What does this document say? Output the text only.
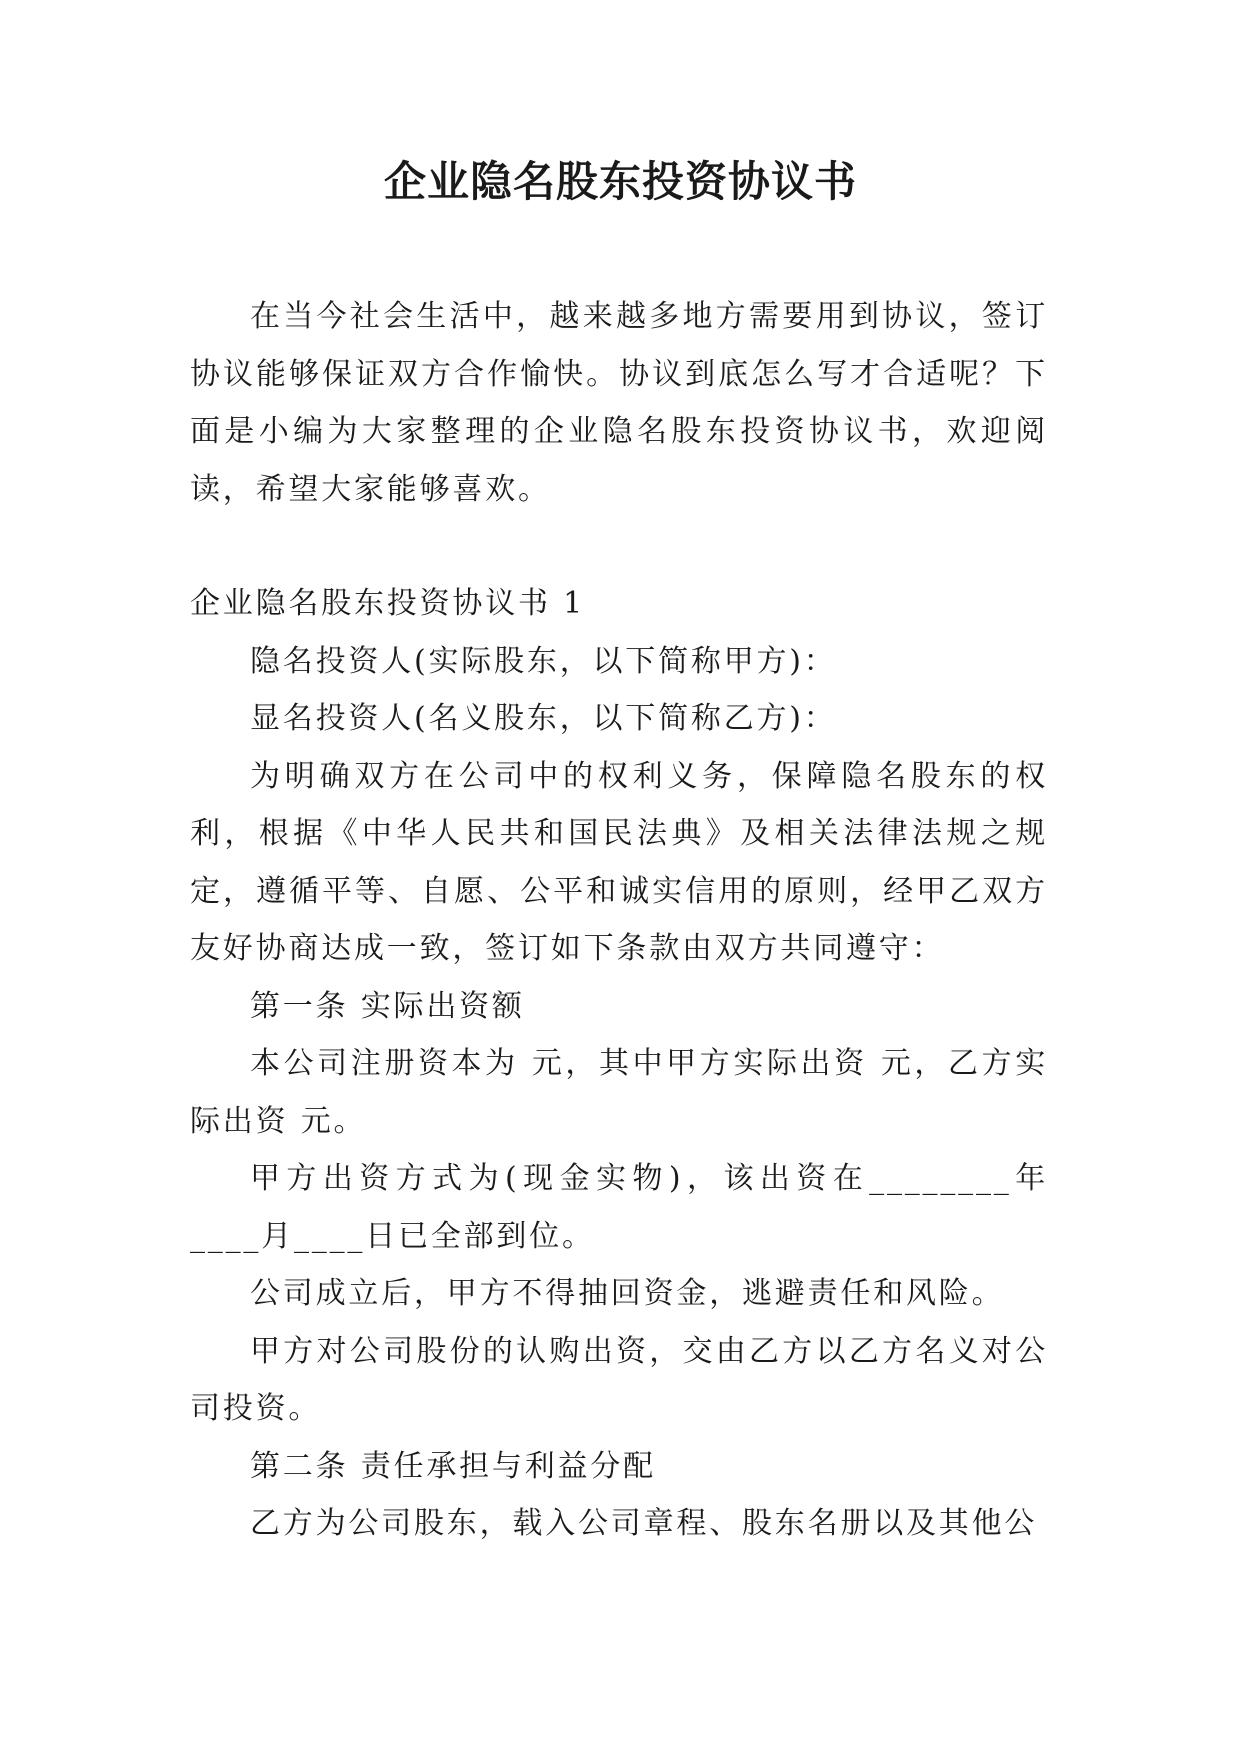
企业隐名股东投资协议书

在当今社会生活中，越来越多地方需要用到协议，签订协议能够保证双方合作愉快。协议到底怎么写才合适呢？下面是小编为大家整理的企业隐名股东投资协议书，欢迎阅读，希望大家能够喜欢。

企业隐名股东投资协议书 1

隐名投资人(实际股东，以下简称甲方)：

显名投资人(名义股东，以下简称乙方)：

为明确双方在公司中的权利义务，保障隐名股东的权利，根据《中华人民共和国民法典》及相关法律法规之规定，遵循平等、自愿、公平和诚实信用的原则，经甲乙双方友好协商达成一致，签订如下条款由双方共同遵守：

第一条 实际出资额

本公司注册资本为 元，其中甲方实际出资 元，乙方实际出资 元。

甲方出资方式为(现金实物)，该出资在________年____月____日已全部到位。

公司成立后，甲方不得抽回资金，逃避责任和风险。

甲方对公司股份的认购出资，交由乙方以乙方名义对公司投资。

第二条 责任承担与利益分配

乙方为公司股东，载入公司章程、股东名册以及其他公
